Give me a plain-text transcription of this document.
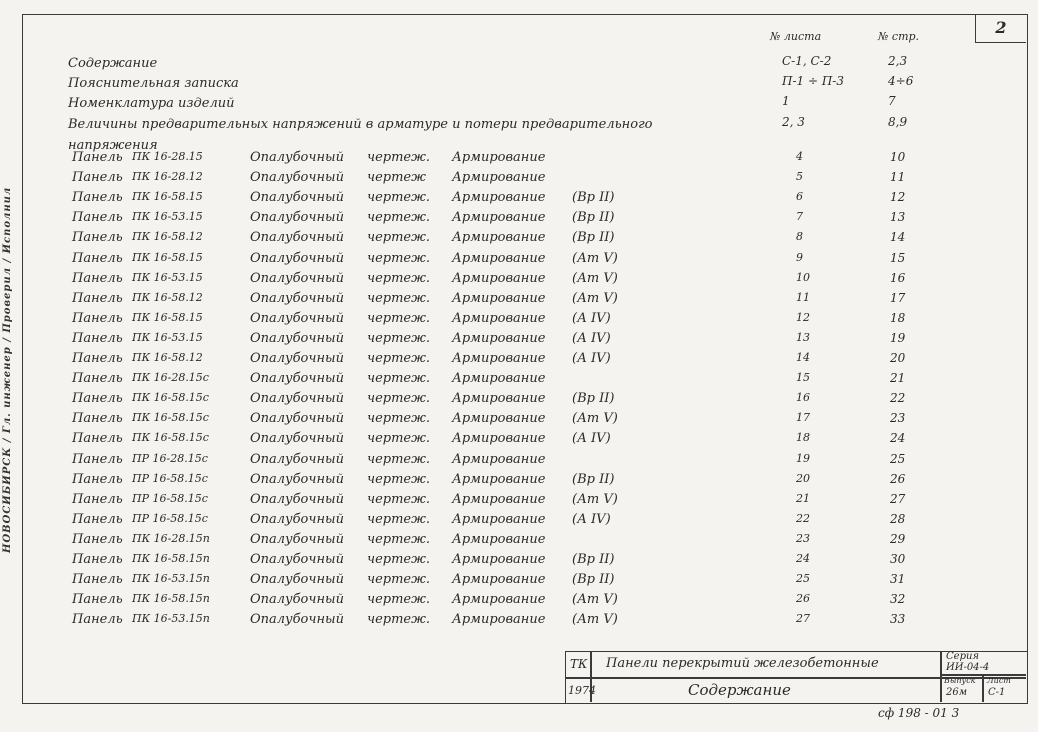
НОВОСИБИРСК / Гл. инженер / Проверил / Исполнил
2
№ листа	№ стр.
Содержание	С-1, С-2	2,3
Пояснительная записка	П-1 ÷ П-3	4÷6
Номенклатура изделий	1	7
Величины предварительных напряжений в арматуре и потери предварительного	2, 3	8,9
напряжения
Панель ПК 16-28.15	Опалубочный чертеж. Армирование	4	10
Панель ПК 16-28.12	Опалубочный чертеж Армирование	5	11
Панель ПК 16-58.15	Опалубочный чертеж. Армирование (Вр II)	6	12
Панель ПК 16-53.15	Опалубочный чертеж. Армирование (Вр II)	7	13
Панель ПК 16-58.12	Опалубочный чертеж. Армирование (Вр II)	8	14
Панель ПК 16-58.15	Опалубочный чертеж. Армирование (Ат V)	9	15
Панель ПК 16-53.15	Опалубочный чертеж. Армирование (Ат V)	10	16
Панель ПК 16-58.12	Опалубочный чертеж. Армирование (Ат V)	11	17
Панель ПК 16-58.15	Опалубочный чертеж. Армирование (А IV)	12	18
Панель ПК 16-53.15	Опалубочный чертеж. Армирование (А IV)	13	19
Панель ПК 16-58.12	Опалубочный чертеж. Армирование (А IV)	14	20
Панель ПК 16-28.15с	Опалубочный чертеж. Армирование	15	21
Панель ПК 16-58.15с	Опалубочный чертеж. Армирование (Вр II)	16	22
Панель ПК 16-58.15с	Опалубочный чертеж. Армирование (Ат V)	17	23
Панель ПК 16-58.15с	Опалубочный чертеж. Армирование (А IV)	18	24
Панель ПР 16-28.15с	Опалубочный чертеж. Армирование	19	25
Панель ПР 16-58.15с	Опалубочный чертеж. Армирование (Вр II)	20	26
Панель ПР 16-58.15с	Опалубочный чертеж. Армирование (Ат V)	21	27
Панель ПР 16-58.15с	Опалубочный чертеж. Армирование (А IV)	22	28
Панель ПК 16-28.15п	Опалубочный чертеж. Армирование	23	29
Панель ПК 16-58.15п	Опалубочный чертеж. Армирование (Вр II)	24	30
Панель ПК 16-53.15п	Опалубочный чертеж. Армирование (Вр II)	25	31
Панель ПК 16-58.15п	Опалубочный чертеж. Армирование (Ат V)	26	32
Панель ПК 16-53.15п	Опалубочный чертеж. Армирование (Ат V)	27	33
ТК
1974
Панели перекрытий железобетонные
Содержание
Серия
ИИ-04-4
Выпуск
26м
Лист
С-1
сф 198 - 01 3
